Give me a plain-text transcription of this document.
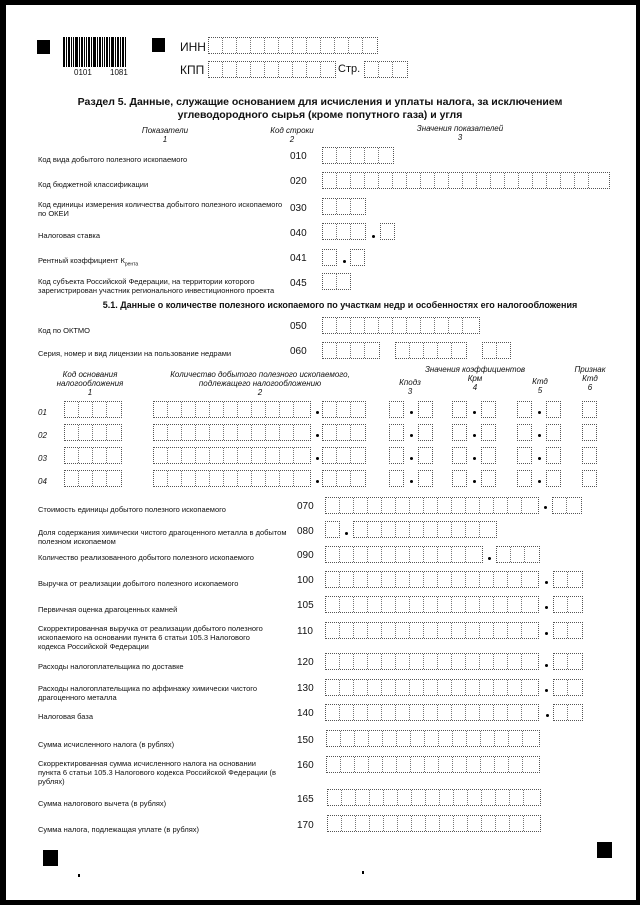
0101 1081
ИНН
КПП	Стр.
Раздел 5. Данные, служащие основанием для исчисления и уплаты налога, за исключением
углеводородного сырья (кроме попутного газа) и угля
Показатели
1
Код строки
2
Значения показателей
3
Код вида добытого полезного ископаемого	010
Код бюджетной классификации	020
Код единицы измерения количества добытого полезного ископаемого по ОКЕИ	030
Налоговая ставка	040
Рентный коэффициент $К_{рента}$
041
Код субъекта Российской Федерации, на территории которого зарегистрирован участник регионального инвестиционного проекта
045
5.1. Данные о количестве полезного ископаемого по участкам недр и особенностях его налогообложения
Код по ОКТМО	050
Серия, номер и вид лицензии на пользование недрами	060
Код основания налогообложения
1
Количество добытого полезного ископаемого, подлежащего налогообложению
2
Значения коэффициентов
Кподз
3
Крм
4
Ктд
5
Признак
Ктд
6
01
02
03
04
Стоимость единицы добытого полезного ископаемого	070
Доля содержания химически чистого драгоценного металла в добытом полезном ископаемом
080
Количество реализованного добытого полезного ископаемого	090
Выручка от реализации добытого полезного ископаемого	100
Первичная оценка драгоценных камней	105
Скорректированная выручка от реализации добытого полезного ископаемого на основании пункта 6 статьи 105.3 Налогового кодекса Российской Федерации
110
Расходы налогоплательщика по доставке	120
Расходы налогоплательщика по аффинажу химически чистого драгоценного металла
130
Налоговая база	140
Сумма исчисленного налога (в рублях)	150
Скорректированная сумма исчисленного налога на основании пункта 6 статьи 105.3 Налогового кодекса Российской Федерации (в рублях)
160
Сумма налогового вычета (в рублях)	165
Сумма налога, подлежащая уплате (в рублях)	170
